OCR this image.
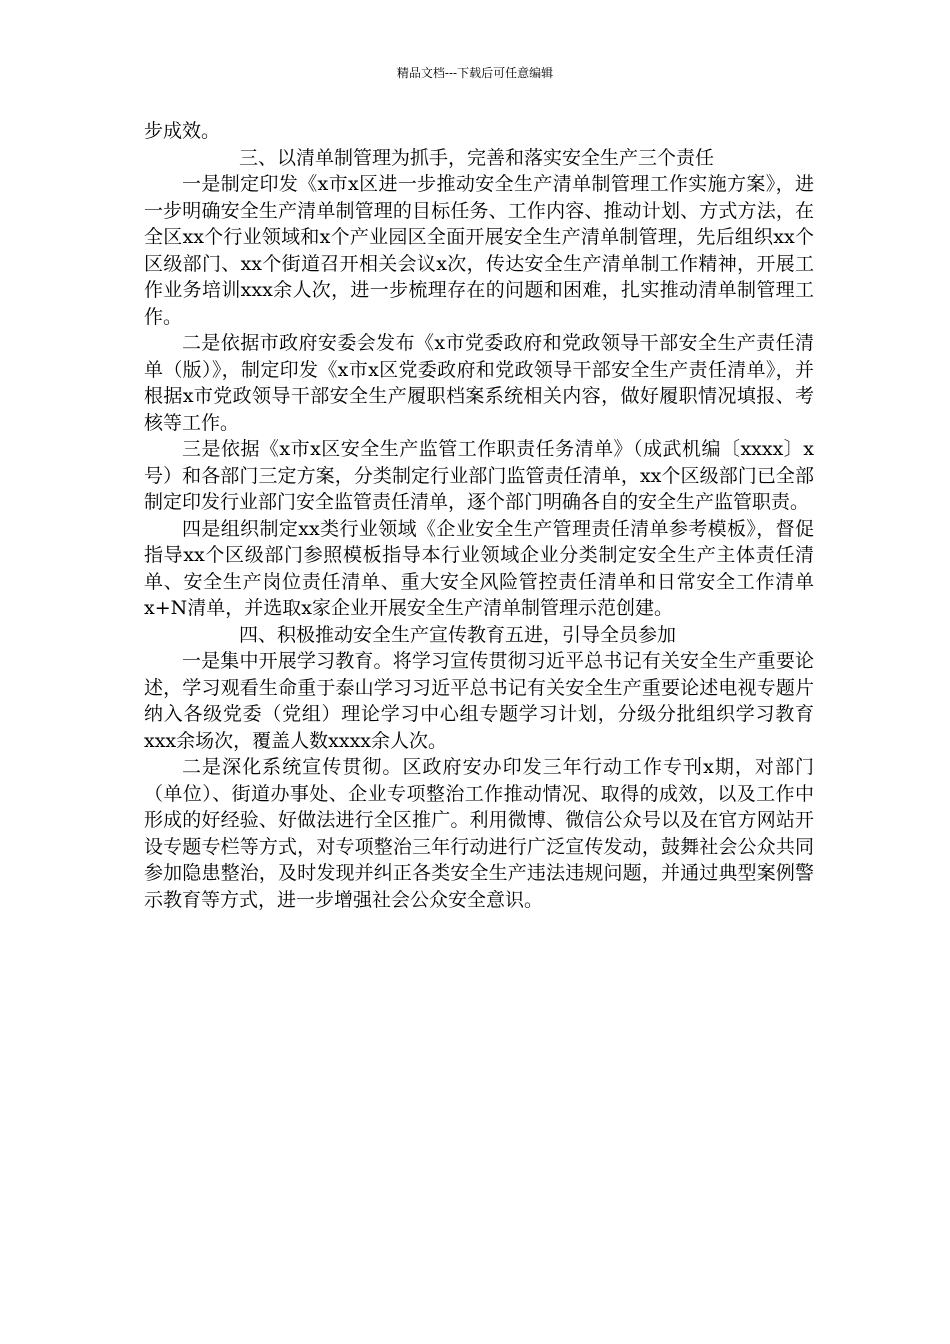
精品文档---下载后可任意编辑

步成效。

三、以清单制管理为抓手，完善和落实安全生产三个责任

一是制定印发《x市x区进一步推动安全生产清单制管理工作实施方案》，进一步明确安全生产清单制管理的目标任务、工作内容、推动计划、方式方法，在全区xx个行业领域和x个产业园区全面开展安全生产清单制管理，先后组织xx个区级部门、xx个街道召开相关会议x次，传达安全生产清单制工作精神，开展工作业务培训xxx余人次，进一步梳理存在的问题和困难，扎实推动清单制管理工作。

二是依据市政府安委会发布《x市党委政府和党政领导干部安全生产责任清单（版）》，制定印发《x市x区党委政府和党政领导干部安全生产责任清单》，并根据x市党政领导干部安全生产履职档案系统相关内容，做好履职情况填报、考核等工作。

三是依据《x市x区安全生产监管工作职责任务清单》（成武机编〔xxxx〕x号）和各部门三定方案，分类制定行业部门监管责任清单，xx个区级部门已全部制定印发行业部门安全监管责任清单，逐个部门明确各自的安全生产监管职责。

四是组织制定xx类行业领域《企业安全生产管理责任清单参考模板》，督促指导xx个区级部门参照模板指导本行业领域企业分类制定安全生产主体责任清单、安全生产岗位责任清单、重大安全风险管控责任清单和日常安全工作清单x+N清单，并选取x家企业开展安全生产清单制管理示范创建。

四、积极推动安全生产宣传教育五进，引导全员参加

一是集中开展学习教育。将学习宣传贯彻习近平总书记有关安全生产重要论述，学习观看生命重于泰山学习习近平总书记有关安全生产重要论述电视专题片纳入各级党委（党组）理论学习中心组专题学习计划，分级分批组织学习教育xxx余场次，覆盖人数xxxx余人次。

二是深化系统宣传贯彻。区政府安办印发三年行动工作专刊x期，对部门（单位）、街道办事处、企业专项整治工作推动情况、取得的成效，以及工作中形成的好经验、好做法进行全区推广。利用微博、微信公众号以及在官方网站开设专题专栏等方式，对专项整治三年行动进行广泛宣传发动，鼓舞社会公众共同参加隐患整治，及时发现并纠正各类安全生产违法违规问题，并通过典型案例警示教育等方式，进一步增强社会公众安全意识。
